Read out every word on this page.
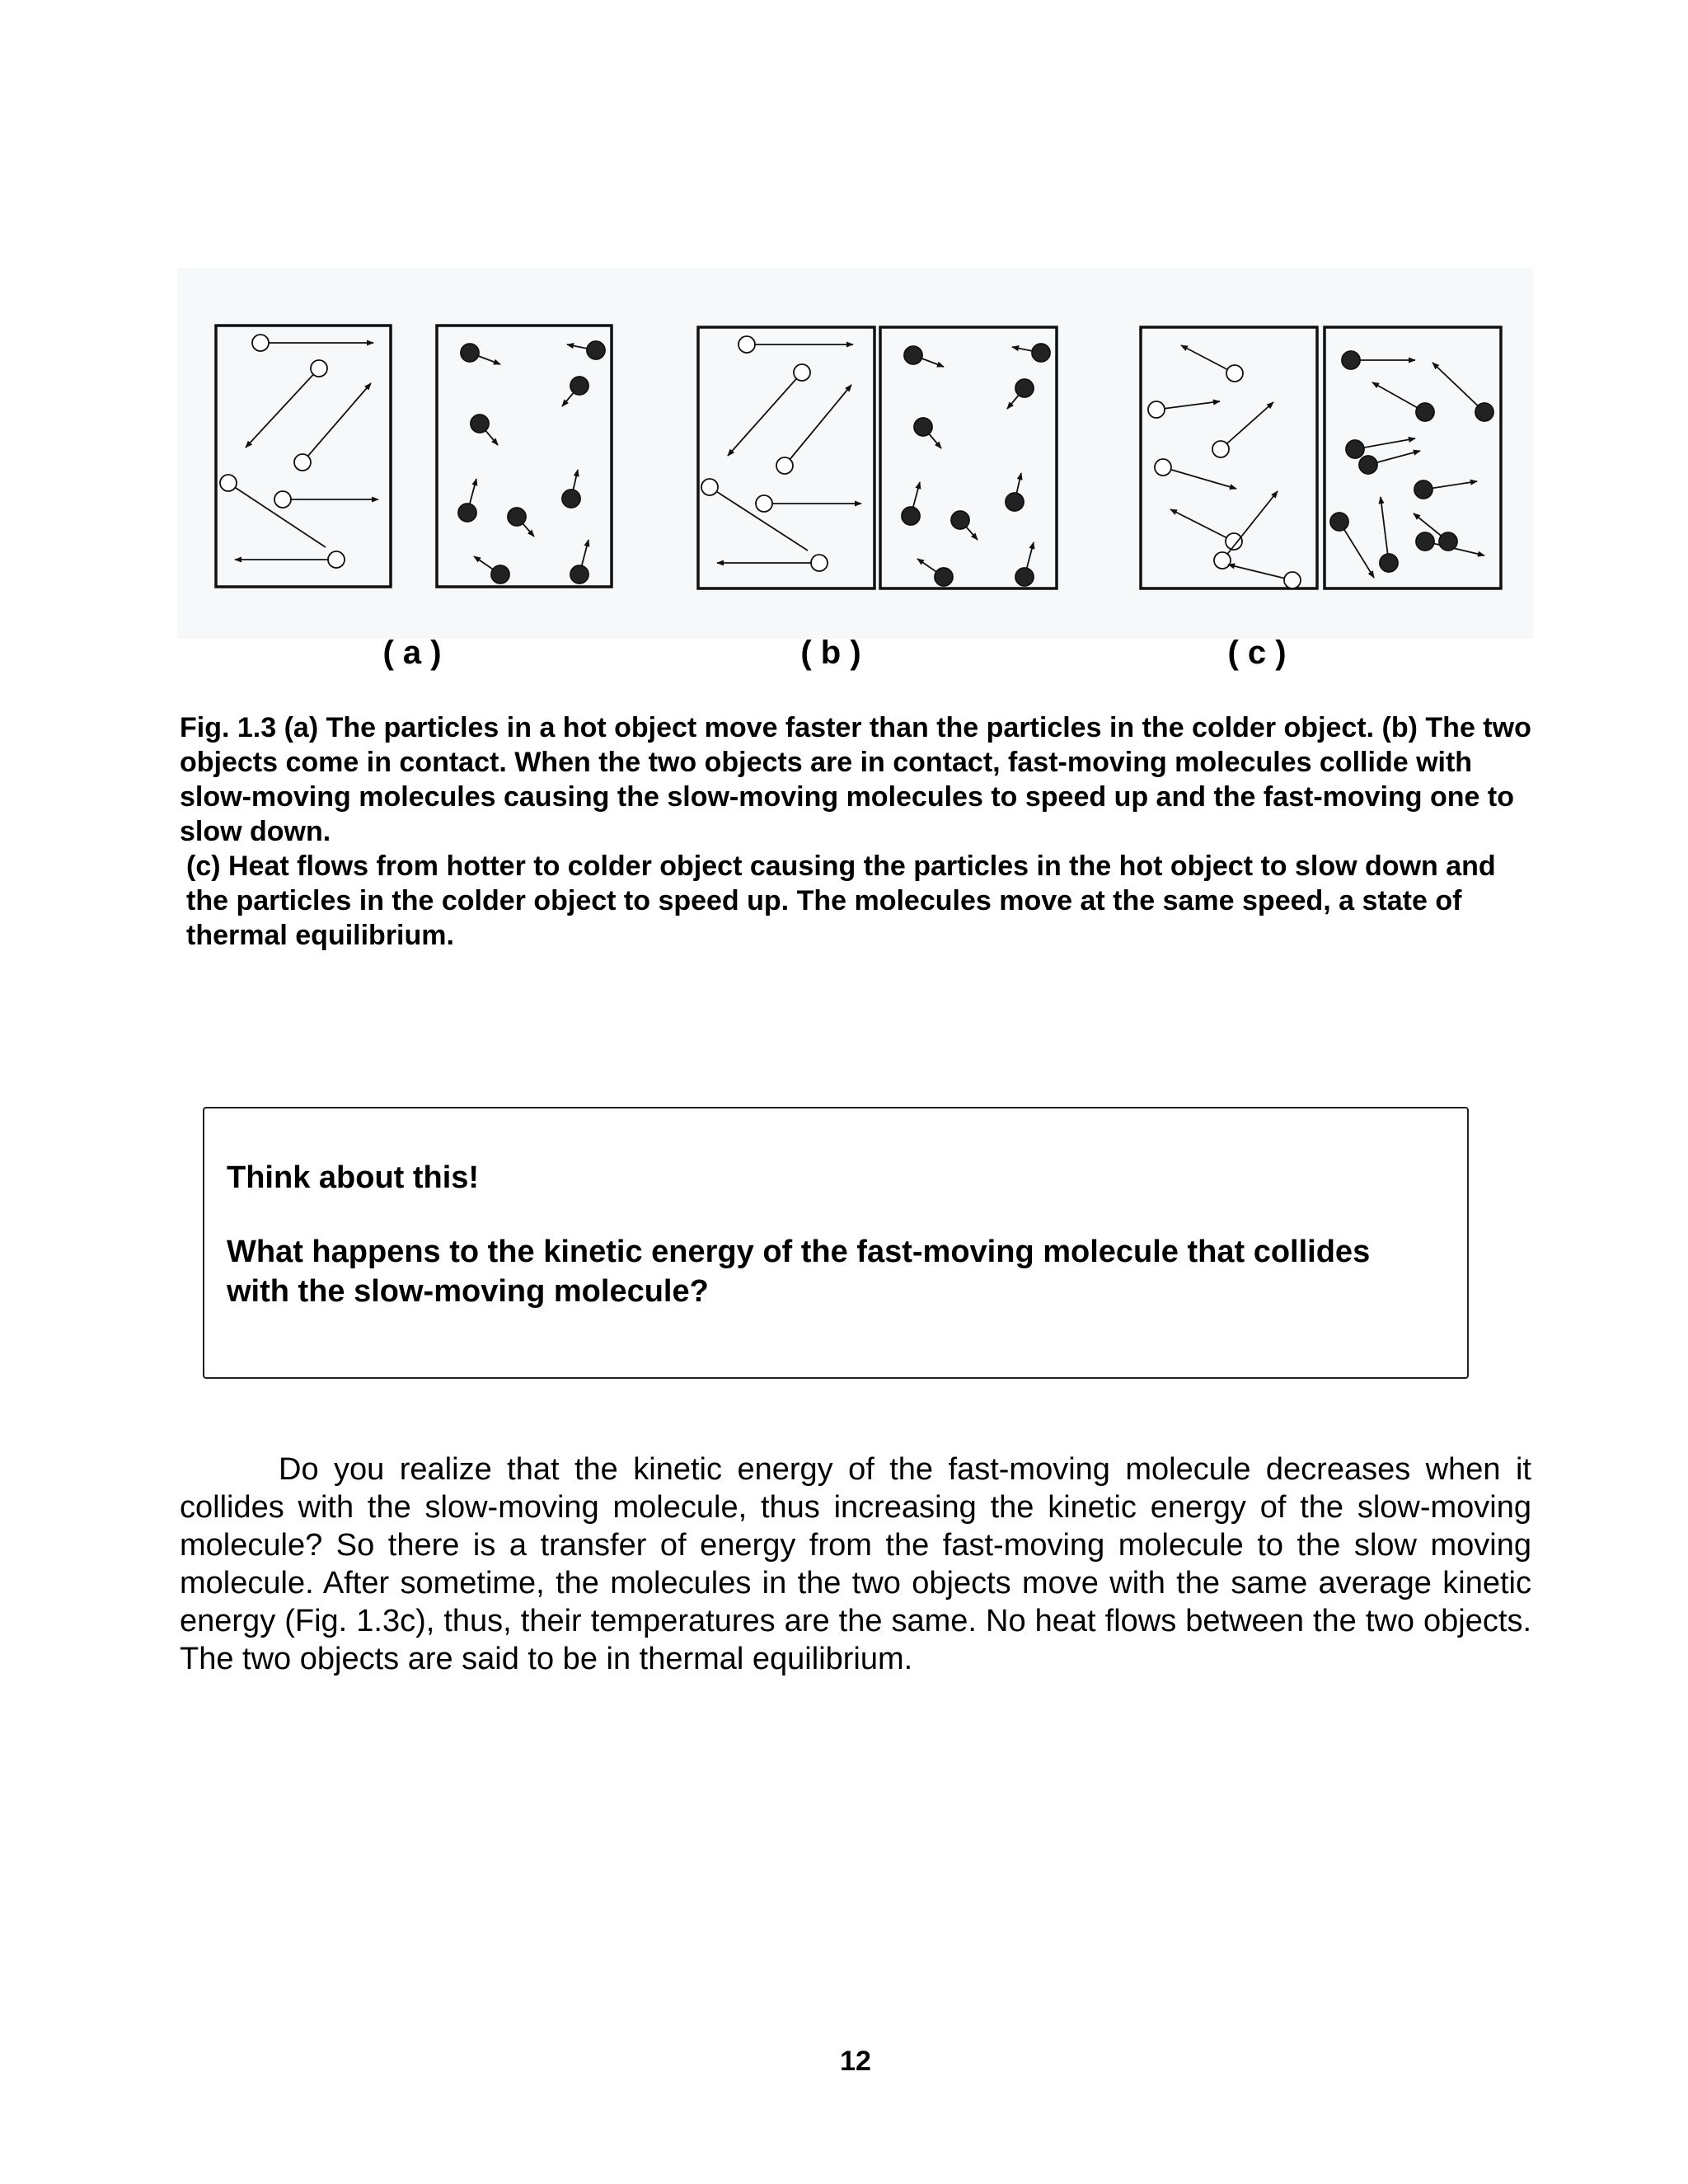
( a )	( b )	( c )

Fig. 1.3 (a) The particles in a hot object move faster than the particles in the colder object. (b) The two objects come in contact. When the two objects are in contact, fast-moving molecules collide with slow-moving molecules causing the slow-moving molecules to speed up and the fast-moving one to slow down.

(c) Heat flows from hotter to colder object causing the particles in the hot object to slow down and the particles in the colder object to speed up. The molecules move at the same speed, a state of thermal equilibrium.

Think about this!
What happens to the kinetic energy of the fast-moving molecule that collides with the slow-moving molecule?

Do you realize that the kinetic energy of the fast-moving molecule decreases when it collides with the slow-moving molecule, thus increasing the kinetic energy of the slow-moving molecule? So there is a transfer of energy from the fast-moving molecule to the slow moving molecule. After sometime, the molecules in the two objects move with the same average kinetic energy (Fig. 1.3c), thus, their temperatures are the same. No heat flows between the two objects. The two objects are said to be in thermal equilibrium.

12
